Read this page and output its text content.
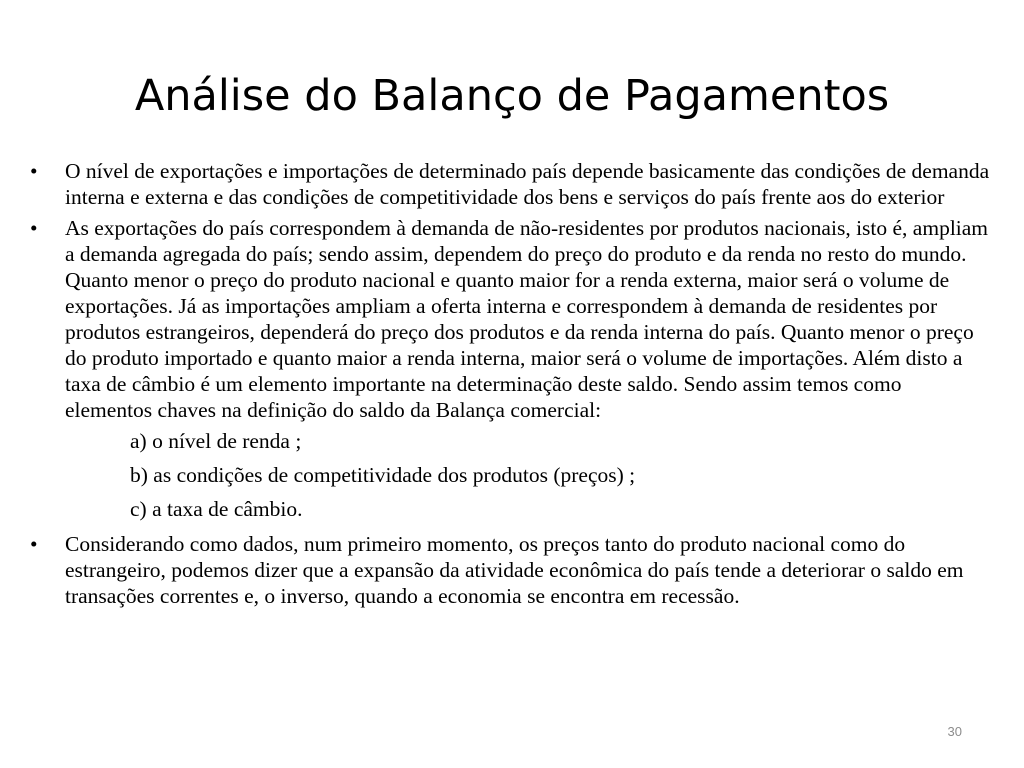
Análise do Balanço de Pagamentos
•	O nível de exportações e importações de determinado país depende basicamente das condições de demanda interna e externa e das condições de competitividade dos bens e serviços do país frente aos do exterior
•	As exportações do país correspondem à demanda de não-residentes por produtos nacionais, isto é, ampliam a demanda agregada do país; sendo assim, dependem do preço do produto e da renda no resto do mundo. Quanto menor o preço do produto nacional e quanto maior for a renda externa, maior será o volume de exportações. Já as importações ampliam a oferta interna e correspondem à demanda de residentes por produtos estrangeiros, dependerá do preço dos produtos e da renda interna do país. Quanto menor o preço do produto importado e quanto maior a renda interna, maior será o volume de importações. Além disto a taxa de câmbio é um elemento importante na determinação deste saldo. Sendo assim temos como elementos chaves na definição do saldo da Balança comercial:
a) o nível de renda ;
b) as condições de competitividade dos produtos (preços) ;
c) a taxa de câmbio.
•	Considerando como dados, num primeiro momento, os preços tanto do produto nacional como do estrangeiro, podemos dizer que a expansão da atividade econômica do país tende a deteriorar o saldo em transações correntes e, o inverso, quando a economia se encontra em recessão.
30
